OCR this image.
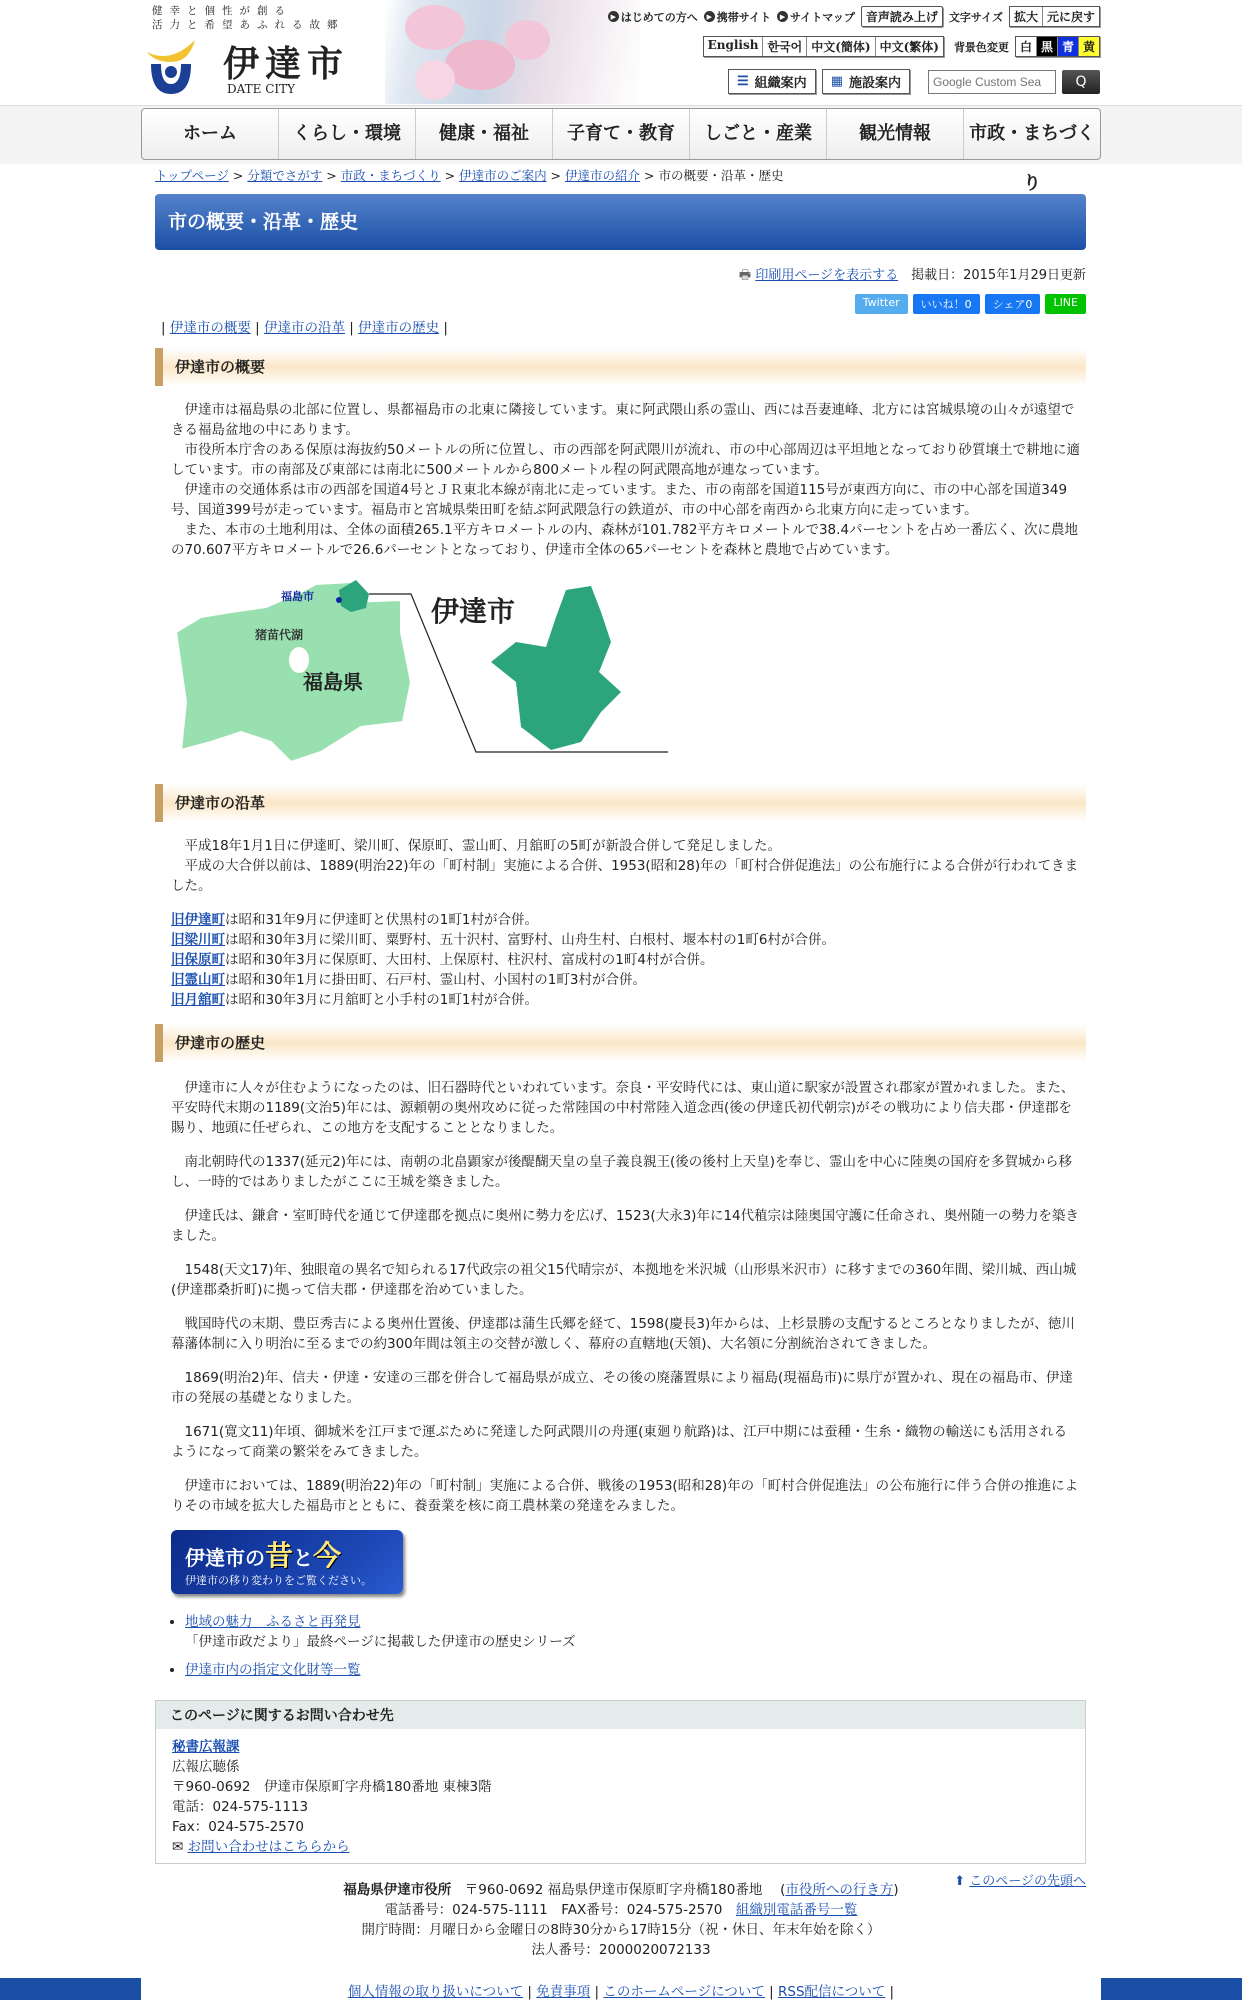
健幸と個性が創る
活力と希望あふれる故郷
伊達市
DATE CITY
▶ はじめての方へ	▶ 携帯サイト	▶ サイトマップ 音声読み上げ	文字サイズ 拡大 元に戻す
English 한국어 中文(簡体) 中文(繁体)	背景色変更 白 黒 青 黄
☰ 組織案内 ▦ 施設案内
Google Custom Sea	Q
ホーム	くらし・環境	健康・福祉	子育て・教育	しごと・産業	観光情報	市政・まちづくり
トップページ > 分類でさがす > 市政・まちづくり > 伊達市のご案内 > 伊達市の紹介 > 市の概要・沿革・歴史
市の概要・沿革・歴史
🖶 印刷用ページを表示する　 掲載日：2015年1月29日更新
Twitter	いいね！0	シェア0	LINE
| 伊達市の概要 | 伊達市の沿革 | 伊達市の歴史 |
伊達市の概要

伊達市は福島県の北部に位置し、県都福島市の北東に隣接しています。東に阿武隈山系の霊山、西には吾妻連峰、北方には宮城県境の山々が遠望できる福島盆地の中にあります。

市役所本庁舎のある保原は海抜約50メートルの所に位置し、市の西部を阿武隈川が流れ、市の中心部周辺は平坦地となっており砂質壌土で耕地に適しています。市の南部及び東部には南北に500メートルから800メートル程の阿武隈高地が連なっています。

伊達市の交通体系は市の西部を国道4号とＪＲ東北本線が南北に走っています。また、市の南部を国道115号が東西方向に、市の中心部を国道349号、国道399号が走っています。福島市と宮城県柴田町を結ぶ阿武隈急行の鉄道が、市の中心部を南西から北東方向に走っています。

また、本市の土地利用は、全体の面積265.1平方キロメートルの内、森林が101.782平方キロメートルで38.4パーセントを占め一番広く、次に農地の70.607平方キロメートルで26.6パーセントとなっており、伊達市全体の65パーセントを森林と農地で占めています。

福島市
猪苗代湖
福島県
伊達市
伊達市の沿革

平成18年1月1日に伊達町、梁川町、保原町、霊山町、月舘町の5町が新設合併して発足しました。

平成の大合併以前は、1889(明治22)年の「町村制」実施による合併、1953(昭和28)年の「町村合併促進法」の公布施行による合併が行われてきました。

旧伊達町は昭和31年9月に伊達町と伏黒村の1町1村が合併。
旧梁川町は昭和30年3月に梁川町、粟野村、五十沢村、富野村、山舟生村、白根村、堰本村の1町6村が合併。
旧保原町は昭和30年3月に保原町、大田村、上保原村、柱沢村、富成村の1町4村が合併。
旧霊山町は昭和30年1月に掛田町、石戸村、霊山村、小国村の1町3村が合併。
旧月舘町は昭和30年3月に月舘町と小手村の1町1村が合併。
伊達市の歴史

伊達市に人々が住むようになったのは、旧石器時代といわれています。奈良・平安時代には、東山道に駅家が設置され郡家が置かれました。また、平安時代末期の1189(文治5)年には、源頼朝の奥州攻めに従った常陸国の中村常陸入道念西(後の伊達氏初代朝宗)がその戦功により信夫郡・伊達郡を賜り、地頭に任ぜられ、この地方を支配することとなりました。

南北朝時代の1337(延元2)年には、南朝の北畠顕家が後醍醐天皇の皇子義良親王(後の後村上天皇)を奉じ、霊山を中心に陸奥の国府を多賀城から移し、一時的ではありましたがここに王城を築きました。

伊達氏は、鎌倉・室町時代を通じて伊達郡を拠点に奥州に勢力を広げ、1523(大永3)年に14代稙宗は陸奥国守護に任命され、奥州随一の勢力を築きました。

1548(天文17)年、独眼竜の異名で知られる17代政宗の祖父15代晴宗が、本拠地を米沢城（山形県米沢市）に移すまでの360年間、梁川城、西山城(伊達郡桑折町)に拠って信夫郡・伊達郡を治めていました。

戦国時代の末期、豊臣秀吉による奥州仕置後、伊達郡は蒲生氏郷を経て、1598(慶長3)年からは、上杉景勝の支配するところとなりましたが、徳川幕藩体制に入り明治に至るまでの約300年間は領主の交替が激しく、幕府の直轄地(天領)、大名領に分割統治されてきました。

1869(明治2)年、信夫・伊達・安達の三郡を併合して福島県が成立、その後の廃藩置県により福島(現福島市)に県庁が置かれ、現在の福島市、伊達市の発展の基礎となりました。

1671(寛文11)年頃、御城米を江戸まで運ぶために発達した阿武隈川の舟運(東廻り航路)は、江戸中期には蚕種・生糸・織物の輸送にも活用されるようになって商業の繁栄をみてきました。

伊達市においては、1889(明治22)年の「町村制」実施による合併、戦後の1953(昭和28)年の「町村合併促進法」の公布施行に伴う合併の推進によりその市域を拡大した福島市とともに、養蚕業を核に商工農林業の発達をみました。

伊達市の昔と今
伊達市の移り変わりをご覧ください。
• 地域の魅力　ふるさと再発見
「伊達市政だより」最終ページに掲載した伊達市の歴史シリーズ
• 伊達市内の指定文化財等一覧
このページに関するお問い合わせ先
秘書広報課
広報広聴係
〒960-0692　伊達市保原町字舟橋180番地 東棟3階
電話：024-575-1113
Fax：024-575-2570
✉ お問い合わせはこちらから
⬆ このページの先頭へ
福島県伊達市役所　 〒960-0692 福島県伊達市保原町字舟橋180番地　 (市役所への行き方)
電話番号：024-575-1111　FAX番号：024-575-2570　 組織別電話番号一覧
開庁時間：月曜日から金曜日の8時30分から17時15分（祝・休日、年末年始を除く）
法人番号：2000020072133
個人情報の取り扱いについて | 免責事項 | このホームページについて | RSS配信について |
